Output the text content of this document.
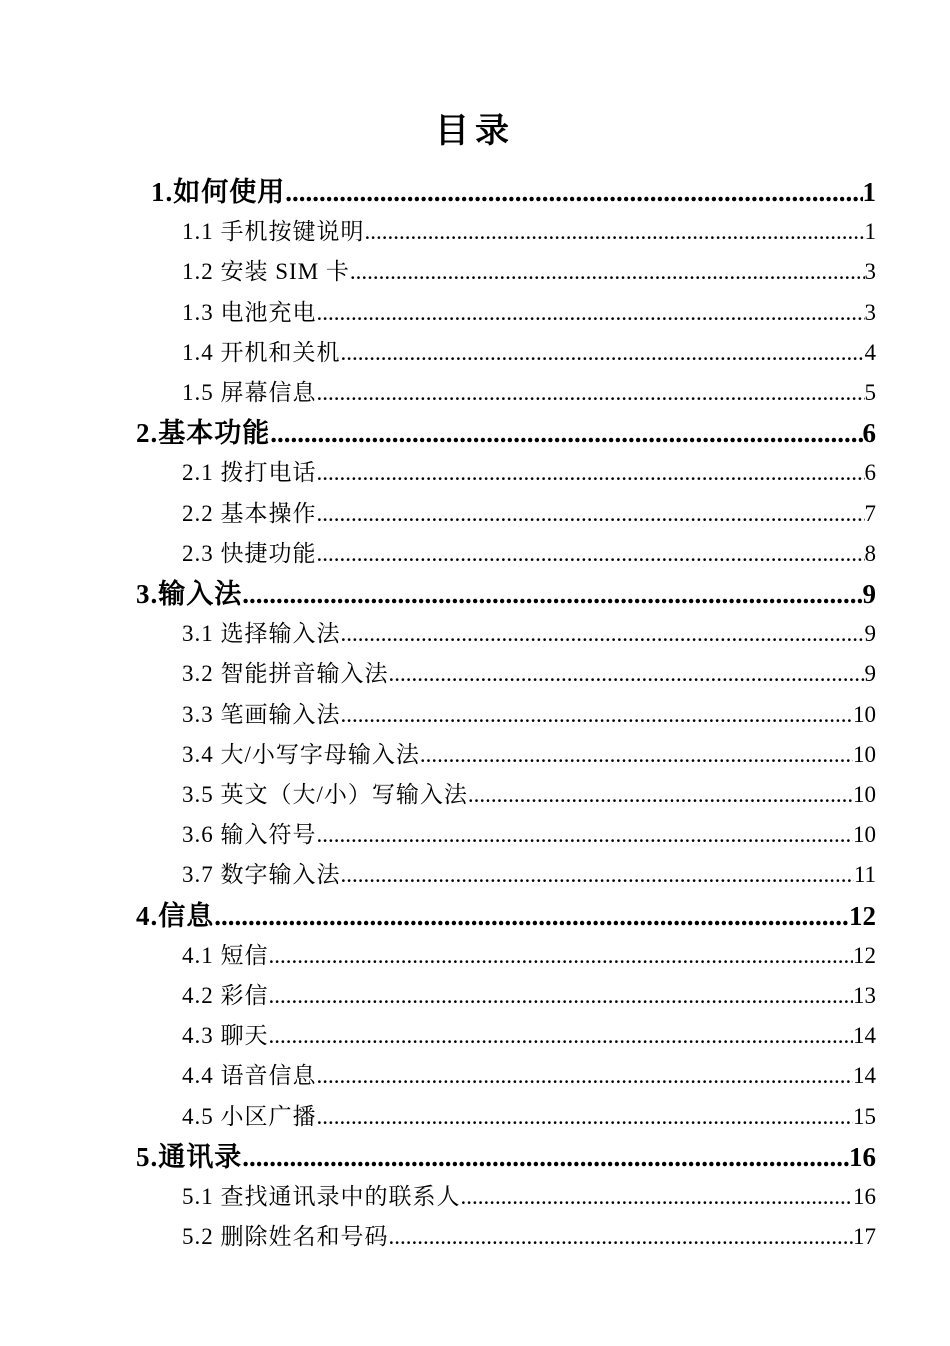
目录
1.如何使用 .....	1
1.1 手机按键说明 .....	1
1.2 安装 SIM 卡 .....	3
1.3 电池充电 .....	3
1.4 开机和关机 .....	4
1.5 屏幕信息 .....	5
2.基本功能 .....	6
2.1 拨打电话 .....	6
2.2 基本操作 .....	7
2.3 快捷功能 .....	8
3.输入法 .....	9
3.1 选择输入法 .....	9
3.2 智能拼音输入法 .....	9
3.3 笔画输入法 .....	10
3.4 大/小写字母输入法 .....	10
3.5 英文（大/小）写输入法 .....	10
3.6 输入符号 .....	10
3.7 数字输入法 .....	11
4.信息 .....	12
4.1 短信 .....	12
4.2 彩信 .....	13
4.3 聊天 .....	14
4.4 语音信息 .....	14
4.5 小区广播 .....	15
5.通讯录 .....	16
5.1 查找通讯录中的联系人 .....	16
5.2 删除姓名和号码 .....	17
